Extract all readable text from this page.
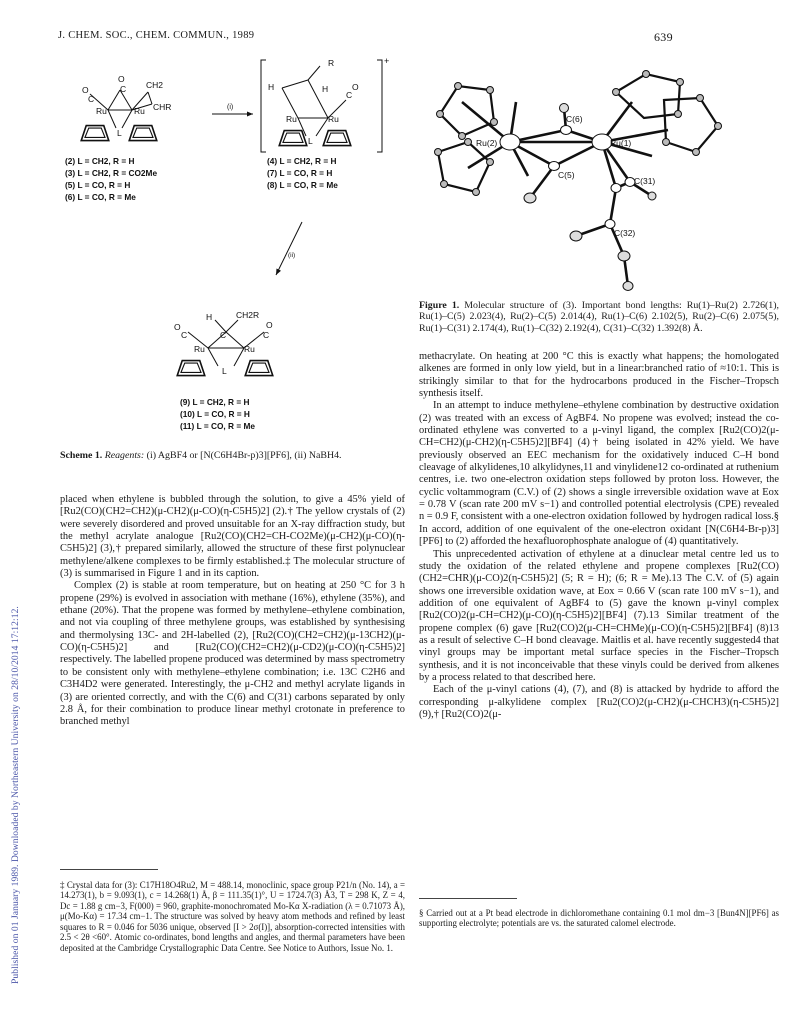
J. CHEM. SOC., CHEM. COMMUN., 1989	639
Published on 01 January 1989. Downloaded by Northeastern University on 28/10/2014 17:12:12.
O
C
O
C CH2
CHR
Ru	Ru
L
(i)
+
R
H	H
C
O
Ru	Ru
L
(2) L = CH2, R = H
(3) L = CH2, R = CO2Me
(5) L = CO, R = H
(6) L = CO, R = Me
(4) L = CH2, R = H
(7) L = CO, R = H
(8) L = CO, R = Me
(ii)
H	CH2R
C
O
C	C
O
Ru	Ru
L
(9) L = CH2, R = H
(10) L = CO, R = H
(11) L = CO, R = Me
Scheme 1. Reagents: (i) AgBF4 or [N(C6H4Br-p)3][PF6], (ii) NaBH4.
Ru(2)	Ru(1)
C(6)
C(5)
C(31)
C(32)
Figure 1. Molecular structure of (3). Important bond lengths: Ru(1)–Ru(2) 2.726(1), Ru(1)–C(5) 2.023(4), Ru(2)–C(5) 2.014(4), Ru(1)–C(6) 2.102(5), Ru(2)–C(6) 2.075(5), Ru(1)–C(31) 2.174(4), Ru(1)–C(32) 2.192(4), C(31)–C(32) 1.392(8) Å.

placed when ethylene is bubbled through the solution, to give a 45% yield of [Ru2(CO)(CH2=CH2)(μ-CH2)(μ-CO)(η-C5H5)2] (2).† The yellow crystals of (2) were severely disordered and proved unsuitable for an X-ray diffraction study, but the methyl acrylate analogue [Ru2(CO)(CH2=CH-CO2Me)(μ-CH2)(μ-CO)(η-C5H5)2] (3),† prepared similarly, allowed the structure of these first polynuclear methylene/alkene complexes to be firmly established.‡ The molecular structure of (3) is summarised in Figure 1 and in its caption.

Complex (2) is stable at room temperature, but on heating at 250 °C for 3 h propene (29%) is evolved in association with methane (16%), ethylene (35%), and ethane (20%). That the propene was formed by methylene–ethylene combination, and not via coupling of three methylene groups, was established by synthesising and thermolysing 13C- and 2H-labelled (2), [Ru2(CO)(CH2=CH2)(μ-13CH2)(μ-CO)(η-C5H5)2] and [Ru2(CO)(CH2=CH2)(μ-CD2)(μ-CO)(η-C5H5)2] respectively. The labelled propene produced was determined by mass spectrometry to be consistent only with methylene–ethylene combination; i.e. 13C C2H6 and C3H4D2 were generated. Interestingly, the μ-CH2 and methyl acrylate ligands in (3) are oriented correctly, and with the C(6) and C(31) carbons separated by only 2.8 Å, for their combination to produce linear methyl crotonate in preference to branched methyl

‡ Crystal data for (3): C17H18O4Ru2, M = 488.14, monoclinic, space group P21/n (No. 14), a = 14.273(1), b = 9.093(1), c = 14.268(1) Å, β = 111.35(1)°, U = 1724.7(3) Å3, T = 298 K, Z = 4, Dc = 1.88 g cm−3, F(000) = 960, graphite-monochromated Mo-Kα X-radiation (λ = 0.71073 Å), μ(Mo-Kα) = 17.34 cm−1. The structure was solved by heavy atom methods and refined by least squares to R = 0.046 for 5036 unique, observed [I > 2σ(I)], absorption-corrected intensities with 2.5 < 2θ <60°. Atomic co-ordinates, bond lengths and angles, and thermal parameters have been deposited at the Cambridge Crystallographic Data Centre. See Notice to Authors, Issue No. 1.

methacrylate. On heating at 200 °C this is exactly what happens; the homologated alkenes are formed in only low yield, but in a linear:branched ratio of ≈10:1. This is strikingly similar to that for the hydrocarbons produced in the Fischer–Tropsch synthesis itself.

In an attempt to induce methylene–ethylene combination by destructive oxidation (2) was treated with an excess of AgBF4. No propene was evolved; instead the co-ordinated ethylene was converted to a μ-vinyl ligand, the complex [Ru2(CO)2(μ-CH=CH2)(μ-CH2)(η-C5H5)2][BF4] (4)† being isolated in 42% yield. We have previously observed an EEC mechanism for the oxidatively induced C–H bond cleavage of alkylidenes,10 alkylidynes,11 and vinylidene12 co-ordinated at ruthenium centres, i.e. two one-electron oxidation steps followed by proton loss. However, the cyclic voltammogram (C.V.) of (2) shows a single irreversible oxidation wave at Eox = 0.78 V (scan rate 200 mV s−1) and controlled potential electrolysis (CPE) revealed n = 0.9 F, consistent with a one-electron oxidation followed by hydrogen radical loss.§ In accord, addition of one equivalent of the one-electron oxidant [N(C6H4-Br-p)3][PF6] to (2) afforded the hexafluorophosphate analogue of (4) quantitatively.

This unprecedented activation of ethylene at a dinuclear metal centre led us to study the oxidation of the related ethylene and propene complexes [Ru2(CO)(CH2=CHR)(μ-CO)2(η-C5H5)2] (5; R = H); (6; R = Me).13 The C.V. of (5) again shows one irreversible oxidation wave, at Eox = 0.66 V (scan rate 100 mV s−1), and addition of one equivalent of AgBF4 to (5) gave the known μ-vinyl complex [Ru2(CO)2(μ-CH=CH2)(μ-CO)(η-C5H5)2][BF4] (7).13 Similar treatment of the propene complex (6) gave [Ru2(CO)2(μ-CH=CHMe)(μ-CO)(η-C5H5)2][BF4] (8)13 as a result of selective C–H bond cleavage. Maitlis et al. have recently suggested4 that vinyl groups may be important metal surface species in the Fischer–Tropsch synthesis, and it is not inconceivable that these vinyls could be derived from alkenes by a process related to that described here.

Each of the μ-vinyl cations (4), (7), and (8) is attacked by hydride to afford the corresponding μ-alkylidene complex [Ru2(CO)2(μ-CH2)(μ-CHCH3)(η-C5H5)2] (9),† [Ru2(CO)2(μ-

§ Carried out at a Pt bead electrode in dichloromethane containing 0.1 mol dm−3 [Bun4N][PF6] as supporting electrolyte; potentials are vs. the saturated calomel electrode.
